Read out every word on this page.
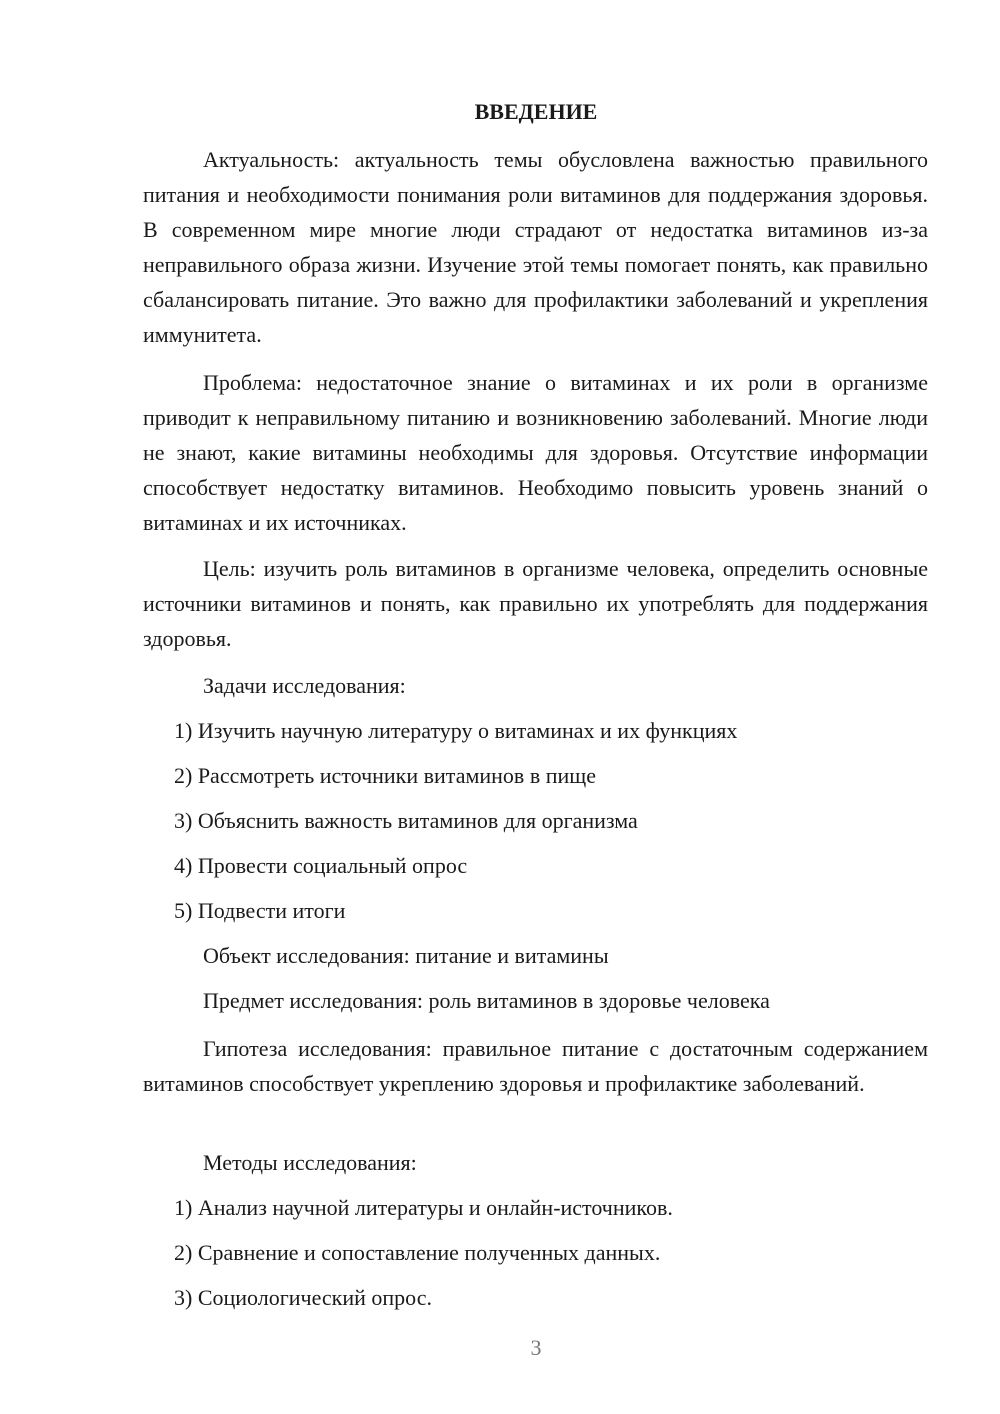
ВВЕДЕНИЕ

Актуальность: актуальность темы обусловлена важностью правильного питания и необходимости понимания роли витаминов для поддержания здоровья. В современном мире многие люди страдают от недостатка витаминов из-за неправильного образа жизни. Изучение этой темы помогает понять, как правильно сбалансировать питание. Это важно для профилактики заболеваний и укрепления иммунитета.

Проблема: недостаточное знание о витаминах и их роли в организме приводит к неправильному питанию и возникновению заболеваний. Многие люди не знают, какие витамины необходимы для здоровья. Отсутствие информации способствует недостатку витаминов. Необходимо повысить уровень знаний о витаминах и их источниках.

Цель: изучить роль витаминов в организме человека, определить основные источники витаминов и понять, как правильно их употреблять для поддержания здоровья.

Задачи исследования:
1) Изучить научную литературу о витаминах и их функциях
2) Рассмотреть источники витаминов в пище
3) Объяснить важность витаминов для организма
4) Провести социальный опрос
5) Подвести итоги
Объект исследования: питание и витамины
Предмет исследования: роль витаминов в здоровье человека

Гипотеза исследования: правильное питание с достаточным содержанием витаминов способствует укреплению здоровья и профилактике заболеваний.

Методы исследования:
1) Анализ научной литературы и онлайн-источников.
2) Сравнение и сопоставление полученных данных.
3) Социологический опрос.
3
